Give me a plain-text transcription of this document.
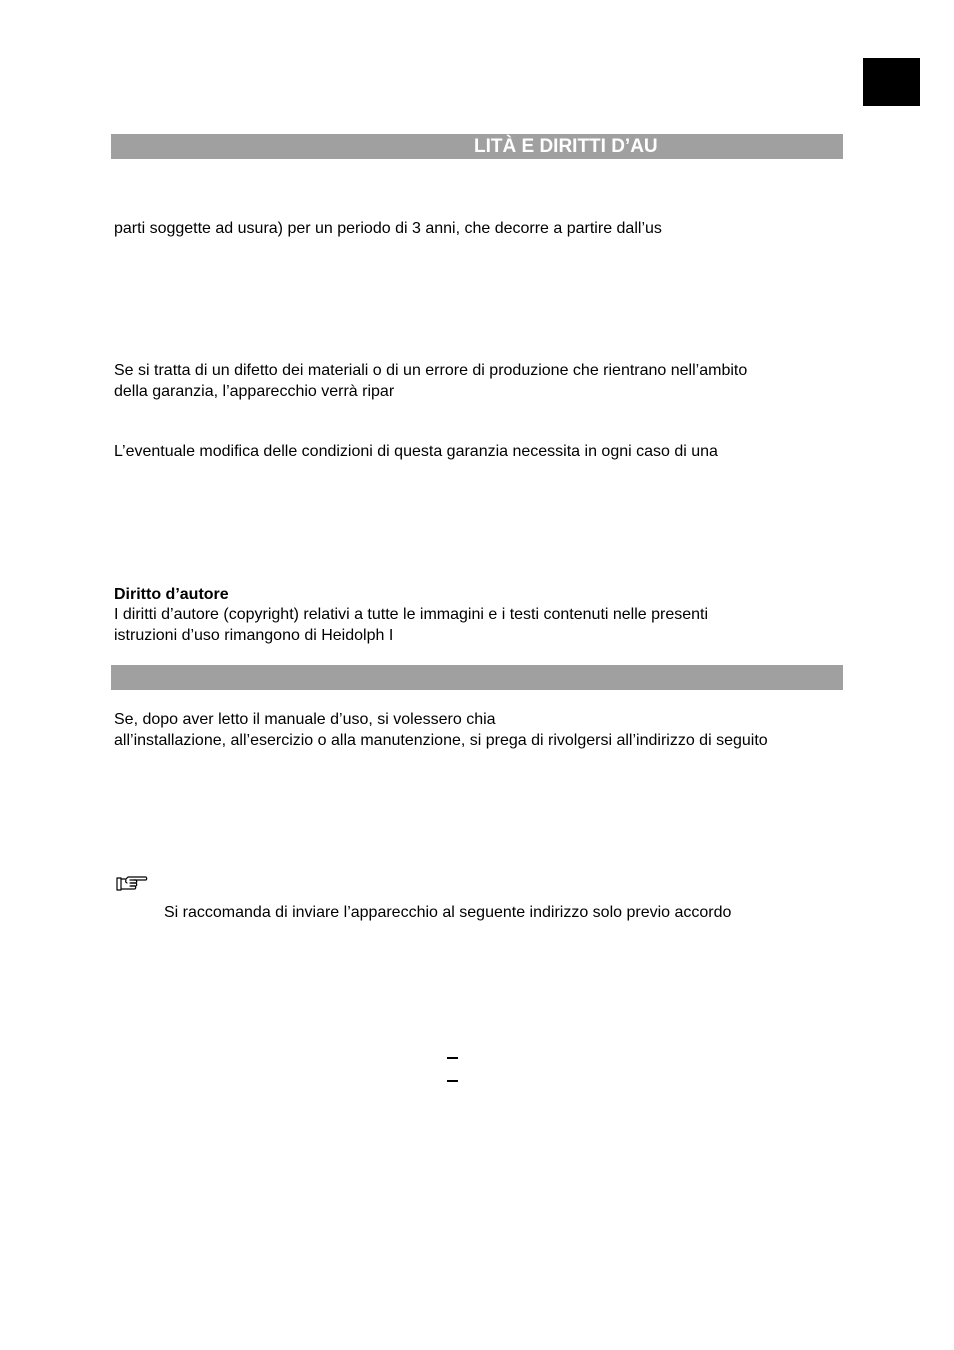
LITÀ E DIRITTI D’AU
parti soggette ad usura) per un periodo di 3 anni, che decorre a partire dall’us
Se si tratta di un difetto dei materiali o di un errore di produzione che rientrano nell’ambito
della garanzia, l’apparecchio verrà ripar
L’eventuale modifica delle condizioni di questa garanzia necessita in ogni caso di una
Diritto d’autore
I diritti d’autore (copyright) relativi a tutte le immagini e i testi contenuti nelle presenti
istruzioni d’uso rimangono di Heidolph I
Se, dopo aver letto il manuale d’uso, si volessero chia
all’installazione, all’esercizio o alla manutenzione, si prega di rivolgersi all’indirizzo di seguito
Si raccomanda di inviare l’apparecchio al seguente indirizzo solo previo accordo
